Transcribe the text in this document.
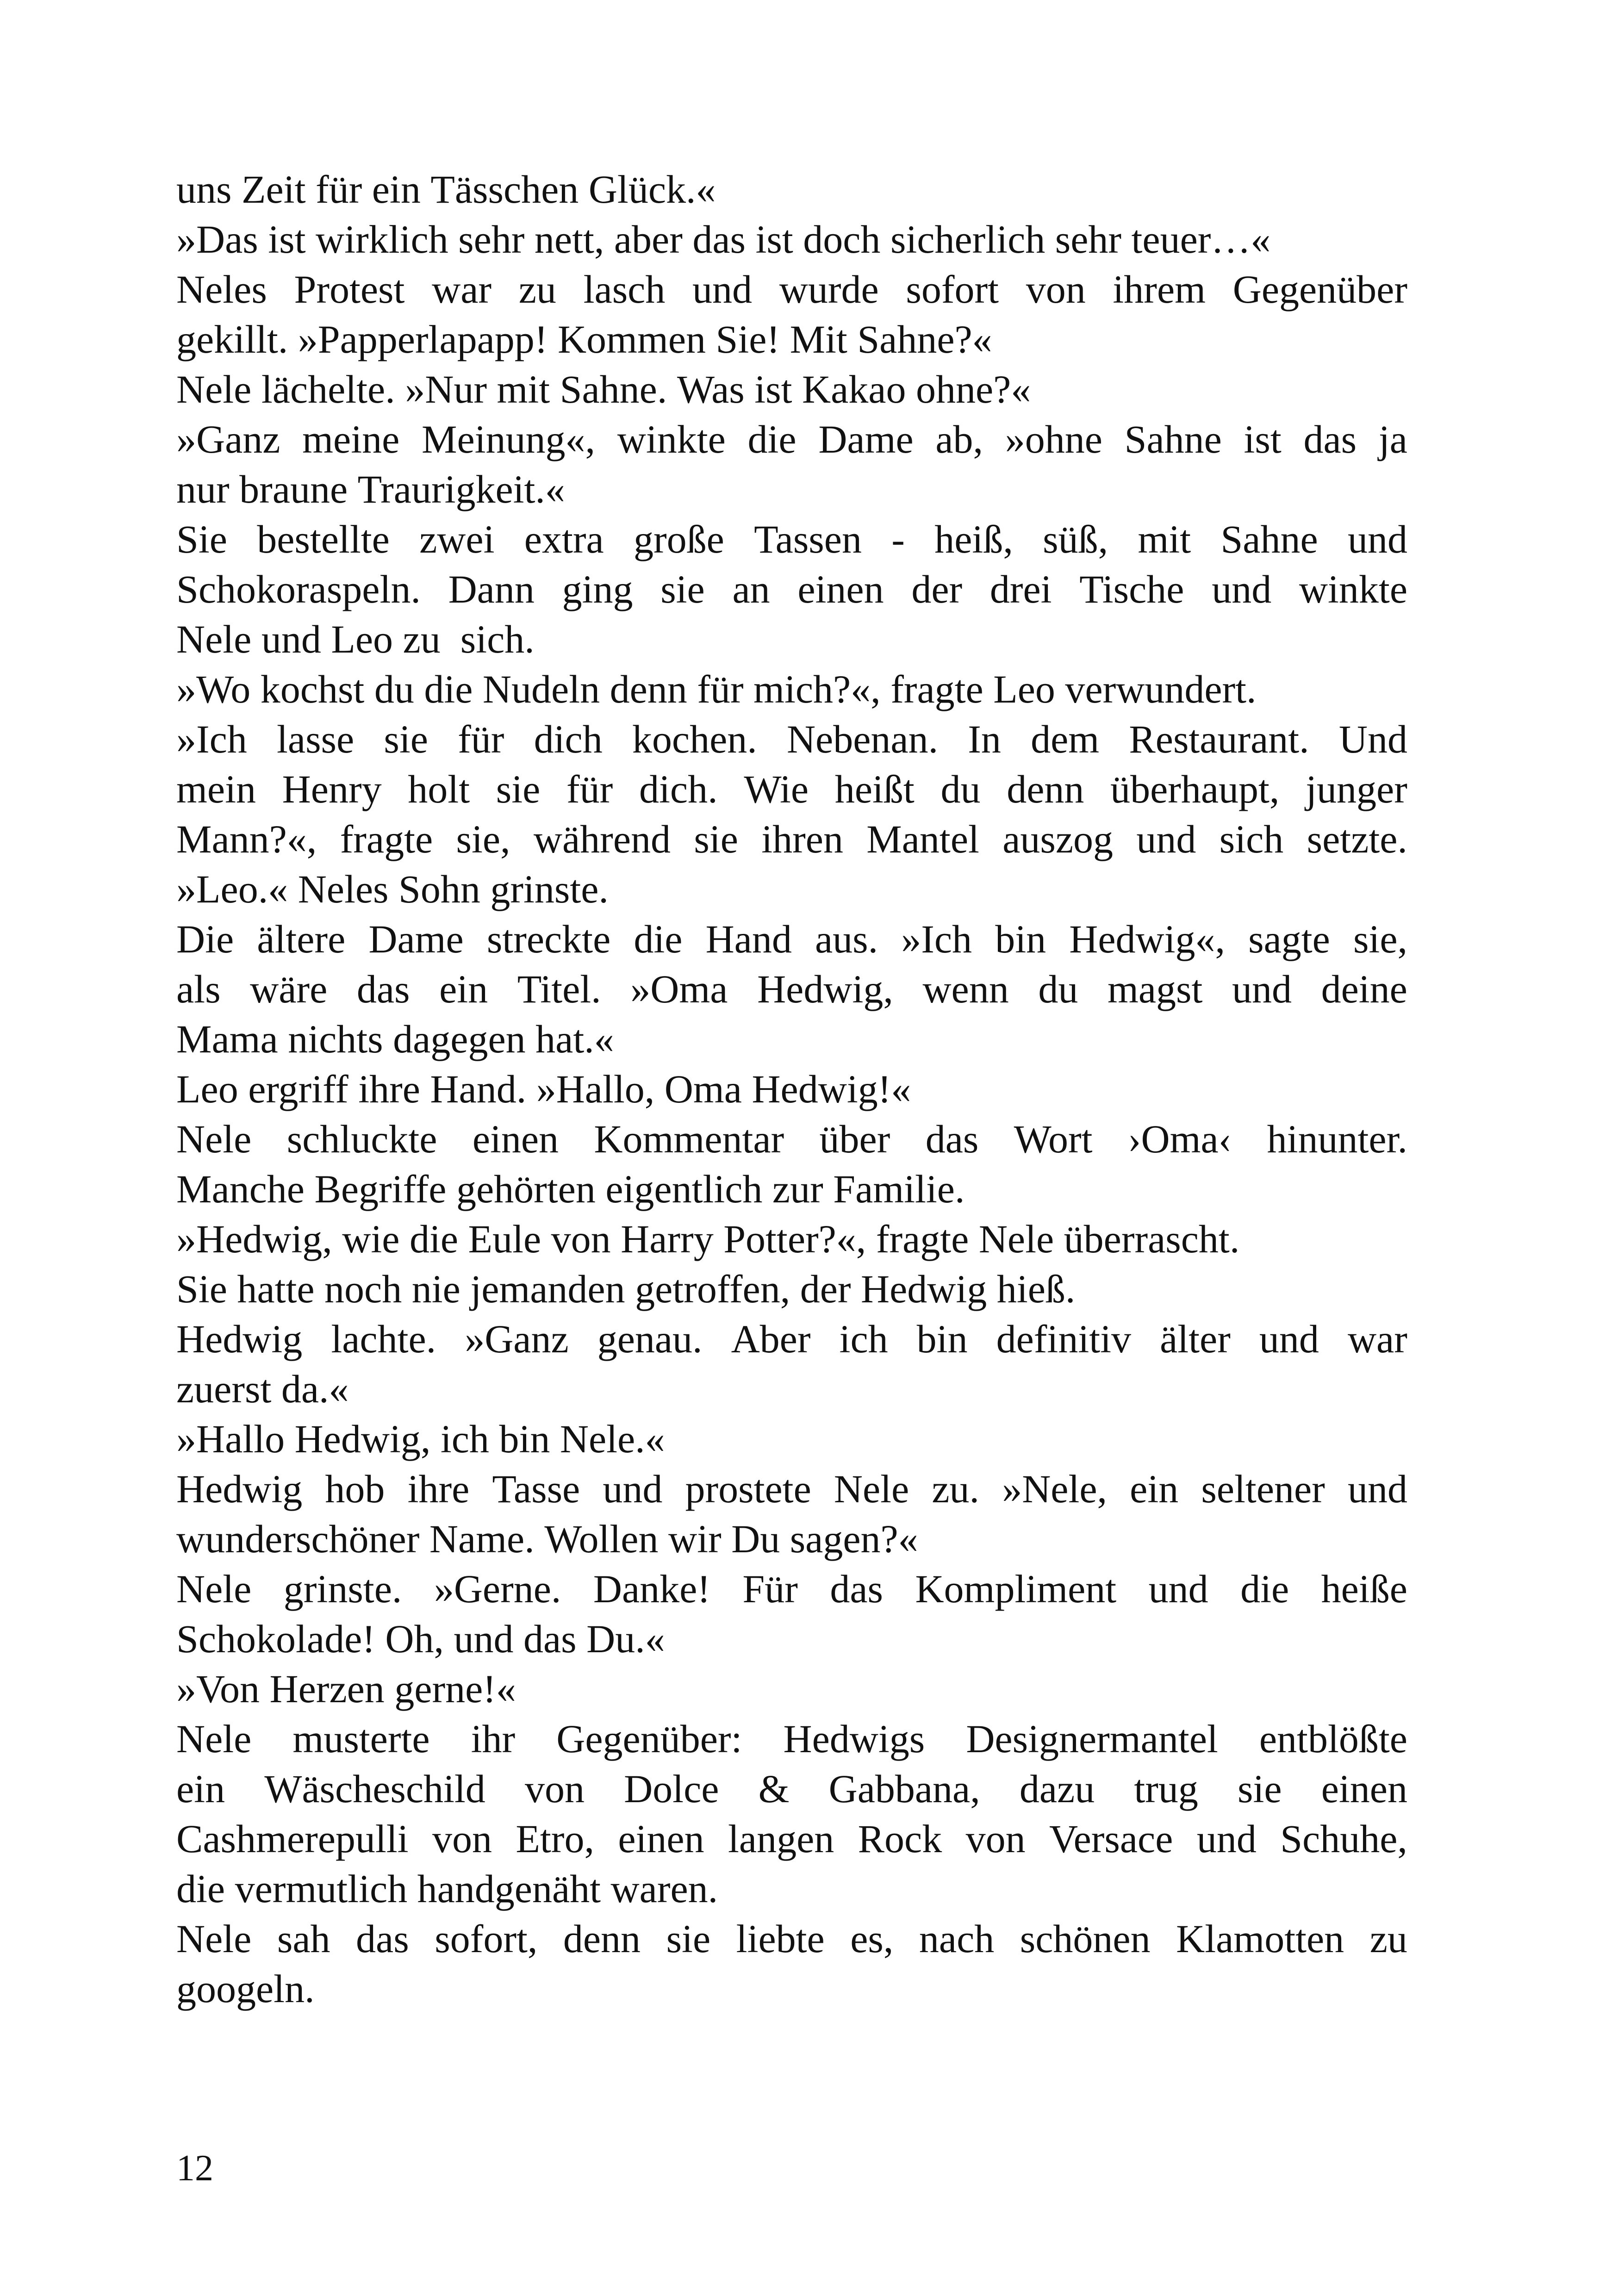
uns Zeit für ein Tässchen Glück.«
»Das ist wirklich sehr nett, aber das ist doch sicherlich sehr teuer…«
Neles Protest war zu lasch und wurde sofort von ihrem Gegenüber
gekillt. »Papperlapapp! Kommen Sie! Mit Sahne?«
Nele lächelte. »Nur mit Sahne. Was ist Kakao ohne?«
»Ganz meine Meinung«, winkte die Dame ab, »ohne Sahne ist das ja
nur braune Traurigkeit.«
Sie bestellte zwei extra große Tassen - heiß, süß, mit Sahne und
Schokoraspeln. Dann ging sie an einen der drei Tische und winkte
Nele und Leo zu sich.
»Wo kochst du die Nudeln denn für mich?«, fragte Leo verwundert.
»Ich lasse sie für dich kochen. Nebenan. In dem Restaurant. Und
mein Henry holt sie für dich. Wie heißt du denn überhaupt, junger
Mann?«, fragte sie, während sie ihren Mantel auszog und sich setzte.
»Leo.« Neles Sohn grinste.
Die ältere Dame streckte die Hand aus. »Ich bin Hedwig«, sagte sie,
als wäre das ein Titel. »Oma Hedwig, wenn du magst und deine
Mama nichts dagegen hat.«
Leo ergriff ihre Hand. »Hallo, Oma Hedwig!«
Nele schluckte einen Kommentar über das Wort ›Oma‹ hinunter.
Manche Begriffe gehörten eigentlich zur Familie.
»Hedwig, wie die Eule von Harry Potter?«, fragte Nele überrascht.
Sie hatte noch nie jemanden getroffen, der Hedwig hieß.
Hedwig lachte. »Ganz genau. Aber ich bin definitiv älter und war
zuerst da.«
»Hallo Hedwig, ich bin Nele.«
Hedwig hob ihre Tasse und prostete Nele zu. »Nele, ein seltener und
wunderschöner Name. Wollen wir Du sagen?«
Nele grinste. »Gerne. Danke! Für das Kompliment und die heiße
Schokolade! Oh, und das Du.«
»Von Herzen gerne!«
Nele musterte ihr Gegenüber: Hedwigs Designermantel entblößte
ein Wäscheschild von Dolce & Gabbana, dazu trug sie einen
Cashmerepulli von Etro, einen langen Rock von Versace und Schuhe,
die vermutlich handgenäht waren.
Nele sah das sofort, denn sie liebte es, nach schönen Klamotten zu
googeln.
12
